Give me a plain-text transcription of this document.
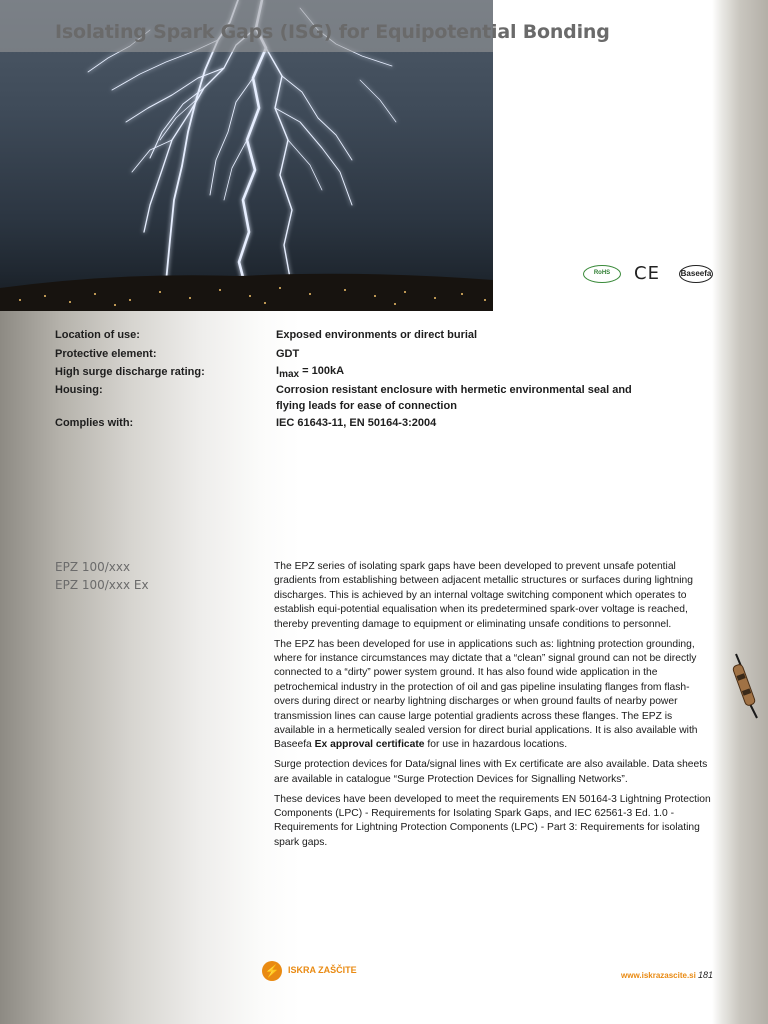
Isolating Spark Gaps (ISG) for Equipotential Bonding
RoHS	CE	Baseefa
Location of use:	Exposed environments or direct burial
Protective element:	GDT
High surge discharge rating:	$I_{max} = 100kA$
Housing:	Corrosion resistant enclosure with hermetic environmental seal and
flying leads for ease of connection
Complies with:	IEC 61643-11, EN 50164-3:2004
EPZ 100/xxx
EPZ 100/xxx Ex

The EPZ series of isolating spark gaps have been developed to prevent unsafe potential gradients from establishing between adjacent metallic structures or surfaces during lightning discharges. This is achieved by an internal voltage switching component which operates to establish equi-potential equalisation when its predetermined spark-over voltage is reached, thereby preventing damage to equipment or eliminating unsafe conditions to personnel.

The EPZ has been developed for use in applications such as: lightning protection grounding, where for instance circumstances may dictate that a “clean” signal ground can not be directly connected to a “dirty” power system ground. It has also found wide application in the petrochemical industry in the protection of oil and gas pipeline insulating flanges from flash-overs during direct or nearby lightning discharges or when ground faults of nearby power transmission lines can cause large potential gradients across these flanges. The EPZ is available in a hermetically sealed version for direct burial applications. It is also available with Baseefa Ex approval certificate for use in hazardous locations.

Surge protection devices for Data/signal lines with Ex certificate are also available. Data sheets are available in catalogue “Surge Protection Devices for Signalling Networks”.

These devices have been developed to meet the requirements EN 50164-3 Lightning Protection Components (LPC) - Requirements for Isolating Spark Gaps, and IEC 62561-3 Ed. 1.0 - Requirements for Lightning Protection Components (LPC) - Part 3: Requirements for isolating spark gaps.

⚡ ISKRA ZAŠČITE
www.iskrazascite.si 181
